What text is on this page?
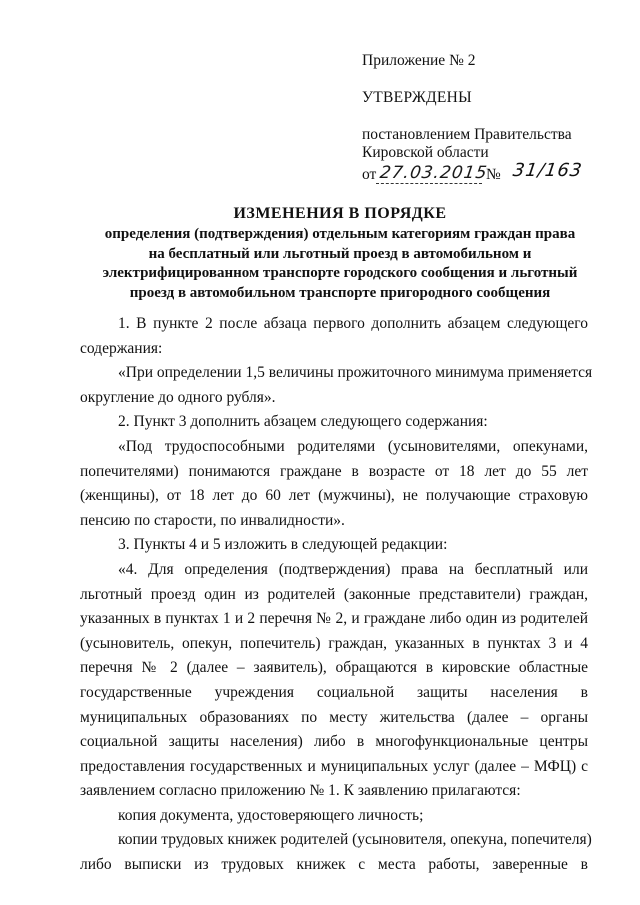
Приложение № 2
УТВЕРЖДЕНЫ
постановлением Правительства
Кировской области
от 27.03.2015
№ 31/163
ИЗМЕНЕНИЯ В ПОРЯДКЕ
определения (подтверждения) отдельным категориям граждан права
на бесплатный или льготный проезд в автомобильном и
электрифицированном транспорте городского сообщения и льготный
проезд в автомобильном транспорте пригородного сообщения
1. В пункте 2 после абзаца первого дополнить абзацем следующего
содержания:
«При определении 1,5 величины прожиточного минимума применяется
округление до одного рубля».
2. Пункт 3 дополнить абзацем следующего содержания:
«Под трудоспособными родителями (усыновителями, опекунами,
попечителями) понимаются граждане в возрасте от 18 лет до 55 лет
(женщины), от 18 лет до 60 лет (мужчины), не получающие страховую
пенсию по старости, по инвалидности».
3. Пункты 4 и 5 изложить в следующей редакции:
«4. Для определения (подтверждения) права на бесплатный или
льготный проезд один из родителей (законные представители) граждан,
указанных в пунктах 1 и 2 перечня № 2, и граждане либо один из родителей
(усыновитель, опекун, попечитель) граждан, указанных в пунктах 3 и 4
перечня № 2 (далее – заявитель), обращаются в кировские областные
государственные учреждения социальной защиты населения в
муниципальных образованиях по месту жительства (далее – органы
социальной защиты населения) либо в многофункциональные центры
предоставления государственных и муниципальных услуг (далее – МФЦ) с
заявлением согласно приложению № 1. К заявлению прилагаются:
копия документа, удостоверяющего личность;
копии трудовых книжек родителей (усыновителя, опекуна, попечителя)
либо выписки из трудовых книжек с места работы, заверенные в
